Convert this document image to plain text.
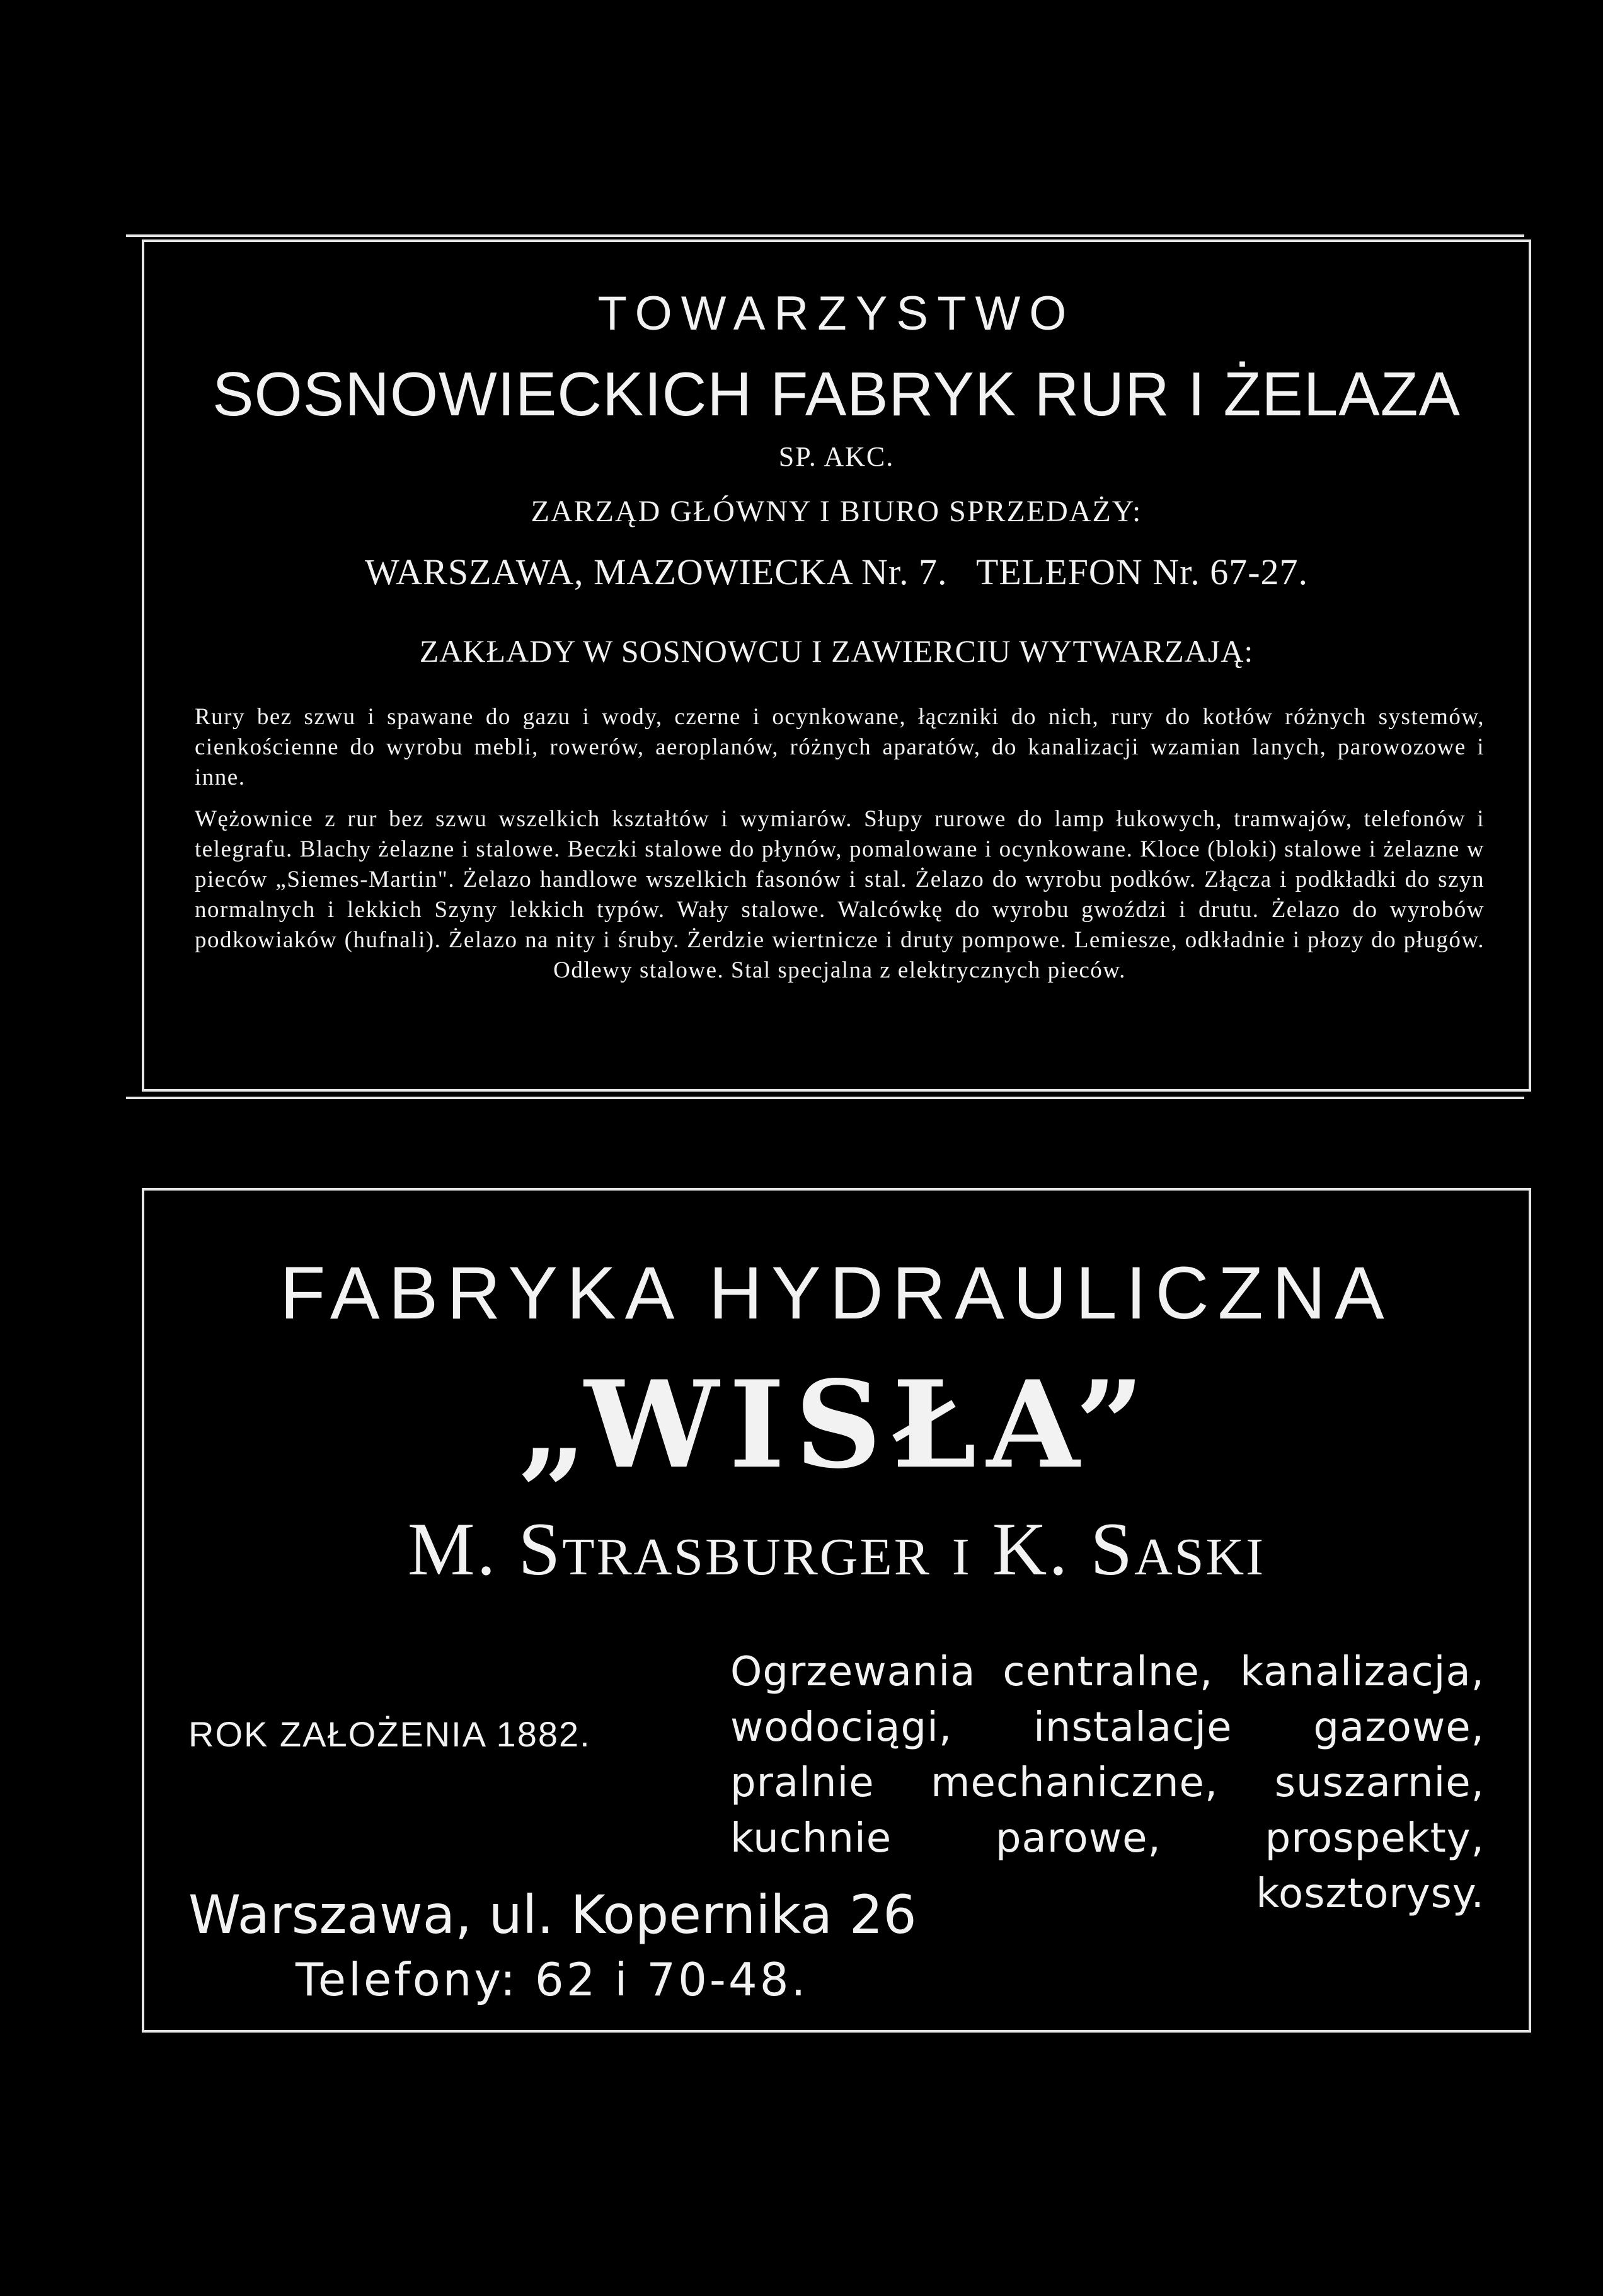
TOWARZYSTWO
SOSNOWIECKICH FABRYK RUR I ŻELAZA
SP. AKC.
ZARZĄD GŁÓWNY I BIURO SPRZEDAŻY:
WARSZAWA, MAZOWIECKA Nr. 7.   TELEFON Nr. 67-27.
ZAKŁADY W SOSNOWCU I ZAWIERCIU WYTWARZAJĄ:

Rury bez szwu i spawane do gazu i wody, czerne i ocynkowane, łączniki do nich, rury do kotłów różnych systemów, cienkościenne do wyrobu mebli, rowerów, aeroplanów, różnych aparatów, do kanalizacji wzamian lanych, parowozowe i inne.

Wężownice z rur bez szwu wszelkich kształtów i wymiarów. Słupy rurowe do lamp łukowych, tramwajów, telefonów i telegrafu. Blachy żelazne i stalowe. Beczki stalowe do płynów, pomalowane i ocynkowane. Kloce (bloki) stalowe i żelazne w pieców „Siemes-Martin". Żelazo handlowe wszelkich fasonów i stal. Żelazo do wyrobu podków. Złącza i podkładki do szyn normalnych i lekkich Szyny lekkich typów. Wały stalowe. Walcówkę do wyrobu gwoździ i drutu. Żelazo do wyrobów podkowiaków (hufnali). Żelazo na nity i śruby. Żerdzie wiertnicze i druty pompowe. Lemiesze, odkładnie i płozy do pługów. Odlewy stalowe. Stal specjalna z elektrycznych pieców.

FABRYKA HYDRAULICZNA
„WISŁA”
M. Strasburger i K. Saski
ROK ZAŁOŻENIA 1882.
Ogrzewania centralne, kanalizacja, wodociągi, instalacje gazowe, pralnie mechaniczne, suszarnie, kuchnie parowe, prospekty, kosztorysy.
Warszawa, ul. Kopernika 26
Telefony: 62 i 70-48.
